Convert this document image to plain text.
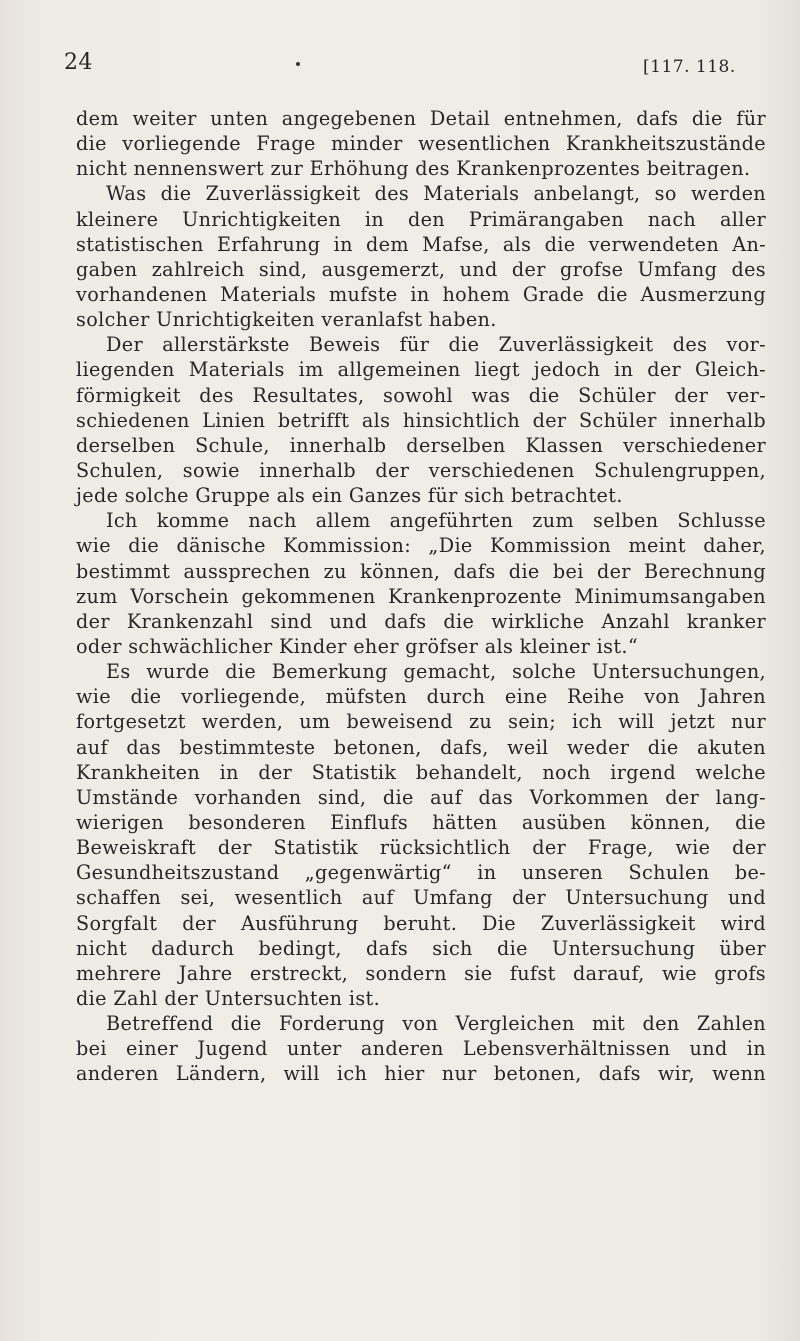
24	[117. 118.
dem weiter unten angegebenen Detail entnehmen, dafs die für
die vorliegende Frage minder wesentlichen Krankheitszustände
nicht nennenswert zur Erhöhung des Krankenprozentes beitragen.
Was die Zuverlässigkeit des Materials anbelangt, so werden
kleinere Unrichtigkeiten in den Primärangaben nach aller
statistischen Erfahrung in dem Mafse, als die verwendeten An-
gaben zahlreich sind, ausgemerzt, und der grofse Umfang des
vorhandenen Materials mufste in hohem Grade die Ausmerzung
solcher Unrichtigkeiten veranlafst haben.
Der allerstärkste Beweis für die Zuverlässigkeit des vor-
liegenden Materials im allgemeinen liegt jedoch in der Gleich-
förmigkeit des Resultates, sowohl was die Schüler der ver-
schiedenen Linien betrifft als hinsichtlich der Schüler innerhalb
derselben Schule, innerhalb derselben Klassen verschiedener
Schulen, sowie innerhalb der verschiedenen Schulengruppen,
jede solche Gruppe als ein Ganzes für sich betrachtet.
Ich komme nach allem angeführten zum selben Schlusse
wie die dänische Kommission: „Die Kommission meint daher,
bestimmt aussprechen zu können, dafs die bei der Berechnung
zum Vorschein gekommenen Krankenprozente Minimumsangaben
der Krankenzahl sind und dafs die wirkliche Anzahl kranker
oder schwächlicher Kinder eher gröfser als kleiner ist.“
Es wurde die Bemerkung gemacht, solche Untersuchungen,
wie die vorliegende, müfsten durch eine Reihe von Jahren
fortgesetzt werden, um beweisend zu sein; ich will jetzt nur
auf das bestimmteste betonen, dafs, weil weder die akuten
Krankheiten in der Statistik behandelt, noch irgend welche
Umstände vorhanden sind, die auf das Vorkommen der lang-
wierigen besonderen Einflufs hätten ausüben können, die
Beweiskraft der Statistik rücksichtlich der Frage, wie der
Gesundheitszustand „gegenwärtig“ in unseren Schulen be-
schaffen sei, wesentlich auf Umfang der Untersuchung und
Sorgfalt der Ausführung beruht. Die Zuverlässigkeit wird
nicht dadurch bedingt, dafs sich die Untersuchung über
mehrere Jahre erstreckt, sondern sie fufst darauf, wie grofs
die Zahl der Untersuchten ist.
Betreffend die Forderung von Vergleichen mit den Zahlen
bei einer Jugend unter anderen Lebensverhältnissen und in
anderen Ländern, will ich hier nur betonen, dafs wir, wenn
